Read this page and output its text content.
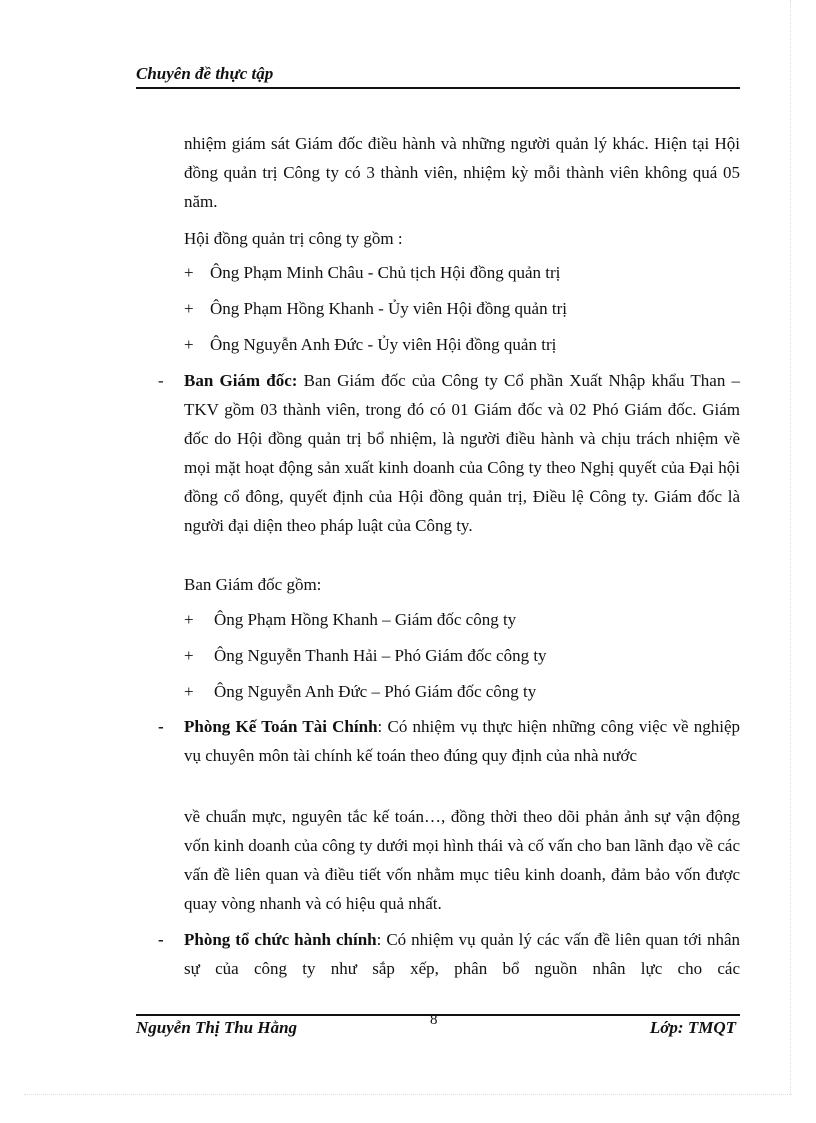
Chuyên đề thực tập

nhiệm giám sát Giám đốc điều hành và những người quản lý khác. Hiện tại Hội đồng quản trị Công ty có 3 thành viên, nhiệm kỳ mỗi thành viên không quá 05 năm.

Hội đồng quản trị công ty gồm :
+ Ông Phạm Minh Châu - Chủ tịch Hội đồng quản trị
+ Ông Phạm Hồng Khanh - Ủy viên Hội đồng quản trị
+ Ông Nguyễn Anh Đức - Ủy viên Hội đồng quản trị
-	Ban Giám đốc: Ban Giám đốc của Công ty Cổ phần Xuất Nhập khẩu Than – TKV gồm 03 thành viên, trong đó có 01 Giám đốc và 02 Phó Giám đốc. Giám đốc do Hội đồng quản trị bổ nhiệm, là người điều hành và chịu trách nhiệm về mọi mặt hoạt động sản xuất kinh doanh của Công ty theo Nghị quyết của Đại hội đồng cổ đông, quyết định của Hội đồng quản trị, Điều lệ Công ty. Giám đốc là người đại diện theo pháp luật của Công ty.

Ban Giám đốc gồm:
+ Ông Phạm Hồng Khanh – Giám đốc công ty
+ Ông Nguyễn Thanh Hải – Phó Giám đốc công ty
+ Ông Nguyễn Anh Đức – Phó Giám đốc công ty
-	Phòng Kế Toán Tài Chính: Có nhiệm vụ thực hiện những công việc về nghiệp vụ chuyên môn tài chính kế toán theo đúng quy định của nhà nước

về chuẩn mực, nguyên tắc kế toán…, đồng thời theo dõi phản ảnh sự vận động vốn kinh doanh của công ty dưới mọi hình thái và cố vấn cho ban lãnh đạo về các vấn đề liên quan và điều tiết vốn nhằm mục tiêu kinh doanh, đảm bảo vốn được quay vòng nhanh và có hiệu quả nhất.

-	Phòng tổ chức hành chính: Có nhiệm vụ quản lý các vấn đề liên quan tới nhân sự của công ty như sắp xếp, phân bổ nguồn nhân lực cho các

Nguyễn Thị Thu Hằng	8	Lớp: TMQT
